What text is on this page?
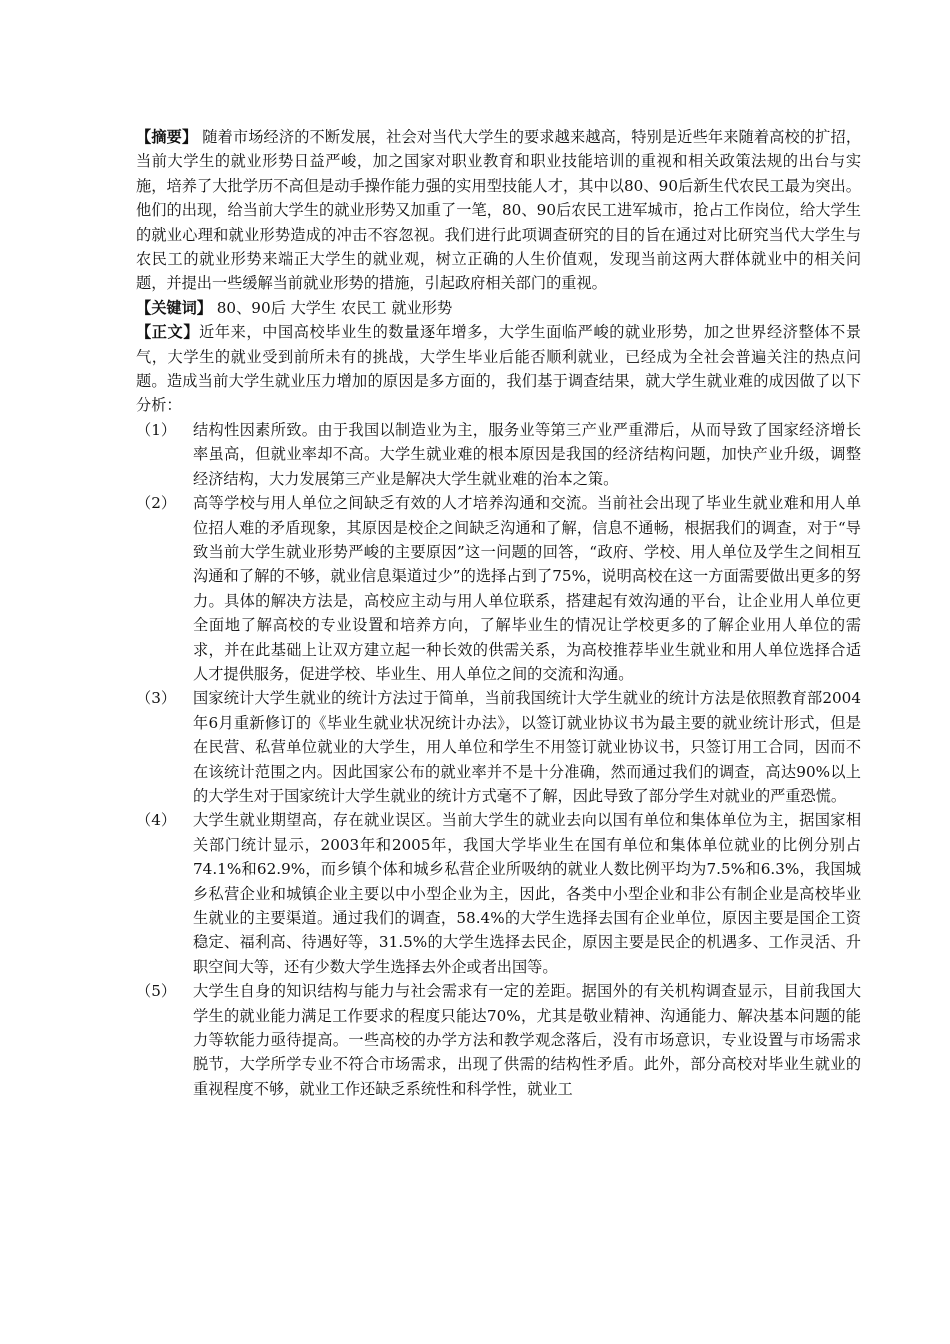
【摘要】 随着市场经济的不断发展，社会对当代大学生的要求越来越高，特别是近些年来随着高校的扩招，当前大学生的就业形势日益严峻，加之国家对职业教育和职业技能培训的重视和相关政策法规的出台与实施，培养了大批学历不高但是动手操作能力强的实用型技能人才，其中以80、90后新生代农民工最为突出。他们的出现，给当前大学生的就业形势又加重了一笔，80、90后农民工进军城市，抢占工作岗位，给大学生的就业心理和就业形势造成的冲击不容忽视。我们进行此项调查研究的目的旨在通过对比研究当代大学生与农民工的就业形势来端正大学生的就业观，树立正确的人生价值观，发现当前这两大群体就业中的相关问题，并提出一些缓解当前就业形势的措施，引起政府相关部门的重视。

【关键词】 80、90后 大学生 农民工 就业形势

【正文】近年来，中国高校毕业生的数量逐年增多，大学生面临严峻的就业形势，加之世界经济整体不景气，大学生的就业受到前所未有的挑战，大学生毕业后能否顺利就业，已经成为全社会普遍关注的热点问题。造成当前大学生就业压力增加的原因是多方面的，我们基于调查结果，就大学生就业难的成因做了以下分析：

（1）	结构性因素所致。由于我国以制造业为主，服务业等第三产业严重滞后，从而导致了国家经济增长率虽高，但就业率却不高。大学生就业难的根本原因是我国的经济结构问题，加快产业升级，调整经济结构，大力发展第三产业是解决大学生就业难的治本之策。
（2）	高等学校与用人单位之间缺乏有效的人才培养沟通和交流。当前社会出现了毕业生就业难和用人单位招人难的矛盾现象，其原因是校企之间缺乏沟通和了解，信息不通畅，根据我们的调查，对于“导致当前大学生就业形势严峻的主要原因”这一问题的回答，“政府、学校、用人单位及学生之间相互沟通和了解的不够，就业信息渠道过少”的选择占到了75%，说明高校在这一方面需要做出更多的努力。具体的解决方法是，高校应主动与用人单位联系，搭建起有效沟通的平台，让企业用人单位更全面地了解高校的专业设置和培养方向，了解毕业生的情况让学校更多的了解企业用人单位的需求，并在此基础上让双方建立起一种长效的供需关系，为高校推荐毕业生就业和用人单位选择合适人才提供服务，促进学校、毕业生、用人单位之间的交流和沟通。
（3）	国家统计大学生就业的统计方法过于简单，当前我国统计大学生就业的统计方法是依照教育部2004年6月重新修订的《毕业生就业状况统计办法》，以签订就业协议书为最主要的就业统计形式，但是在民营、私营单位就业的大学生，用人单位和学生不用签订就业协议书，只签订用工合同，因而不在该统计范围之内。因此国家公布的就业率并不是十分准确，然而通过我们的调查，高达90%以上的大学生对于国家统计大学生就业的统计方式毫不了解，因此导致了部分学生对就业的严重恐慌。
（4）	大学生就业期望高，存在就业误区。当前大学生的就业去向以国有单位和集体单位为主，据国家相关部门统计显示，2003年和2005年，我国大学毕业生在国有单位和集体单位就业的比例分别占74.1%和62.9%，而乡镇个体和城乡私营企业所吸纳的就业人数比例平均为7.5%和6.3%，我国城乡私营企业和城镇企业主要以中小型企业为主，因此，各类中小型企业和非公有制企业是高校毕业生就业的主要渠道。通过我们的调查，58.4%的大学生选择去国有企业单位，原因主要是国企工资稳定、福利高、待遇好等，31.5%的大学生选择去民企，原因主要是民企的机遇多、工作灵活、升职空间大等，还有少数大学生选择去外企或者出国等。
（5）	大学生自身的知识结构与能力与社会需求有一定的差距。据国外的有关机构调查显示，目前我国大学生的就业能力满足工作要求的程度只能达70%，尤其是敬业精神、沟通能力、解决基本问题的能力等软能力亟待提高。一些高校的办学方法和教学观念落后，没有市场意识，专业设置与市场需求脱节，大学所学专业不符合市场需求，出现了供需的结构性矛盾。此外，部分高校对毕业生就业的重视程度不够，就业工作还缺乏系统性和科学性，就业工
